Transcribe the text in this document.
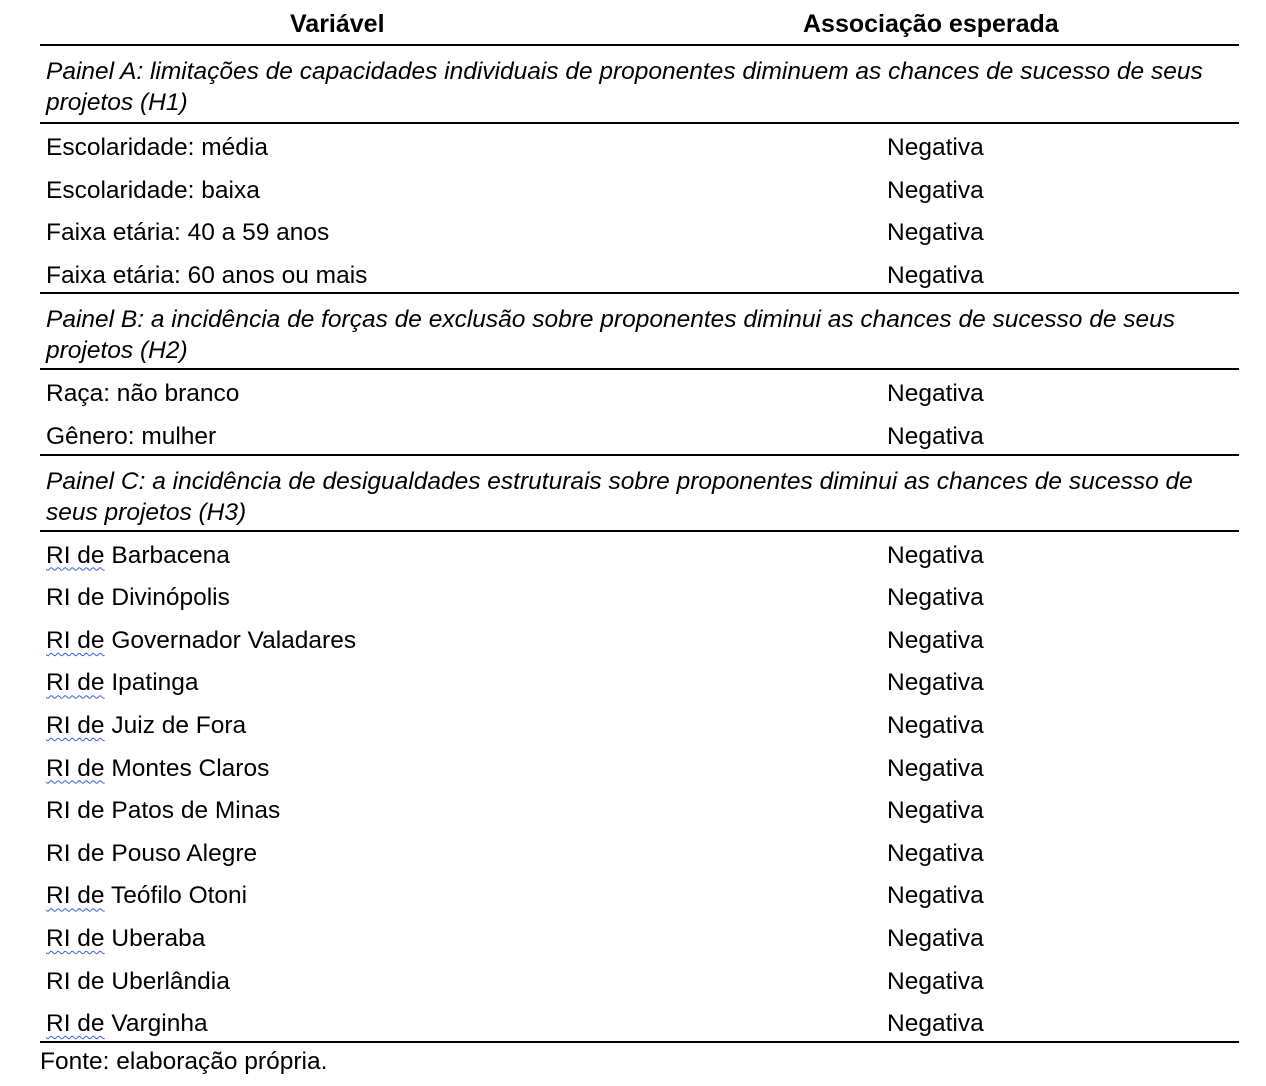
Variável	Associação esperada
Painel A: limitações de capacidades individuais de proponentes diminuem as chances de sucesso de seus projetos (H1)
Escolaridade: média	Negativa
Escolaridade: baixa	Negativa
Faixa etária: 40 a 59 anos	Negativa
Faixa etária: 60 anos ou mais	Negativa
Painel B: a incidência de forças de exclusão sobre proponentes diminui as chances de sucesso de seus projetos (H2)
Raça: não branco	Negativa
Gênero: mulher	Negativa
Painel C: a incidência de desigualdades estruturais sobre proponentes diminui as chances de sucesso de seus projetos (H3)
RI de Barbacena	Negativa
RI de Divinópolis	Negativa
RI de Governador Valadares	Negativa
RI de Ipatinga	Negativa
RI de Juiz de Fora	Negativa
RI de Montes Claros	Negativa
RI de Patos de Minas	Negativa
RI de Pouso Alegre	Negativa
RI de Teófilo Otoni	Negativa
RI de Uberaba	Negativa
RI de Uberlândia	Negativa
RI de Varginha	Negativa
Fonte: elaboração própria.
